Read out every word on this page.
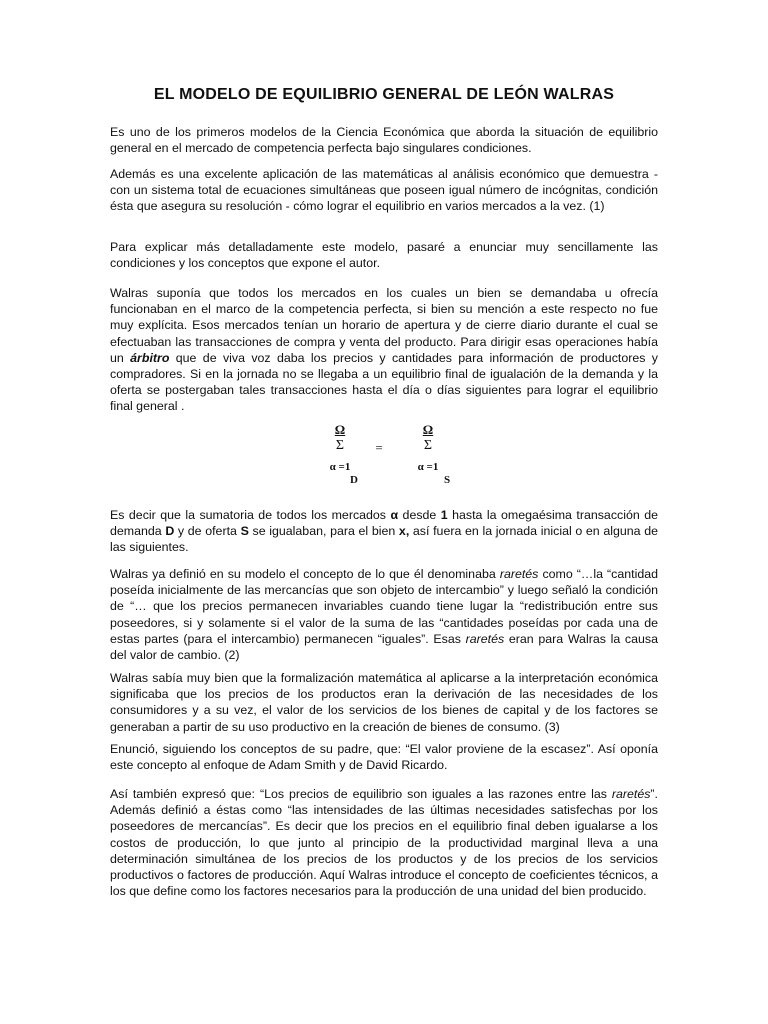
EL MODELO DE EQUILIBRIO GENERAL DE LEÓN WALRAS

Es uno de los primeros modelos de la Ciencia Económica que aborda la situación de equilibrio general en el mercado de competencia perfecta bajo singulares condiciones.

Además es una excelente aplicación de las matemáticas al análisis económico que demuestra - con un sistema total de ecuaciones simultáneas que poseen igual número de incógnitas, condición ésta que asegura su resolución - cómo lograr el equilibrio en varios mercados a la vez. (1)

Para explicar más detalladamente este modelo, pasaré a enunciar muy sencillamente las condiciones y los conceptos que expone el autor.

Walras suponía que todos los mercados en los cuales un bien se demandaba u ofrecía funcionaban en el marco de la competencia perfecta, si bien su mención a este respecto no fue muy explícita. Esos mercados tenían un horario de apertura y de cierre diario durante el cual se efectuaban las transacciones de compra y venta del producto. Para dirigir esas operaciones había un árbitro que de viva voz daba los precios y cantidades para información de productores y compradores. Si en la jornada no se llegaba a un equilibrio final de igualación de la demanda y la oferta se postergaban tales transacciones hasta el día o días siguientes para lograr el equilibrio final general .

Ω	Ω
Σ	=	Σ
α =1	α =1
D	S

Es decir que la sumatoria de todos los mercados α desde 1 hasta la omegaésima transacción de demanda D y de oferta S se igualaban, para el bien x, así fuera en la jornada inicial o en alguna de las siguientes.

Walras ya definió en su modelo el concepto de lo que él denominaba raretés como “…la “cantidad poseída inicialmente de las mercancías que son objeto de intercambio” y luego señaló la condición de “… que los precios permanecen invariables cuando tiene lugar la “redistribución entre sus poseedores, si y solamente si el valor de la suma de las “cantidades poseídas por cada una de estas partes (para el intercambio) permanecen “iguales”. Esas raretés eran para Walras la causa del valor de cambio. (2)

Walras sabía muy bien que la formalización matemática al aplicarse a la interpretación económica significaba que los precios de los productos eran la derivación de las necesidades de los consumidores y a su vez, el valor de los servicios de los bienes de capital y de los factores se generaban a partir de su uso productivo en la creación de bienes de consumo. (3)

Enunció, siguiendo los conceptos de su padre, que: “El valor proviene de la escasez”. Así oponía este concepto al enfoque de Adam Smith y de David Ricardo.

Así también expresó que: “Los precios de equilibrio son iguales a las razones entre las raretés”. Además definió a éstas como “las intensidades de las últimas necesidades satisfechas por los poseedores de mercancías”. Es decir que los precios en el equilibrio final deben igualarse a los costos de producción, lo que junto al principio de la productividad marginal lleva a una determinación simultánea de los precios de los productos y de los precios de los servicios productivos o factores de producción. Aquí Walras introduce el concepto de coeficientes técnicos, a los que define como los factores necesarios para la producción de una unidad del bien producido.
